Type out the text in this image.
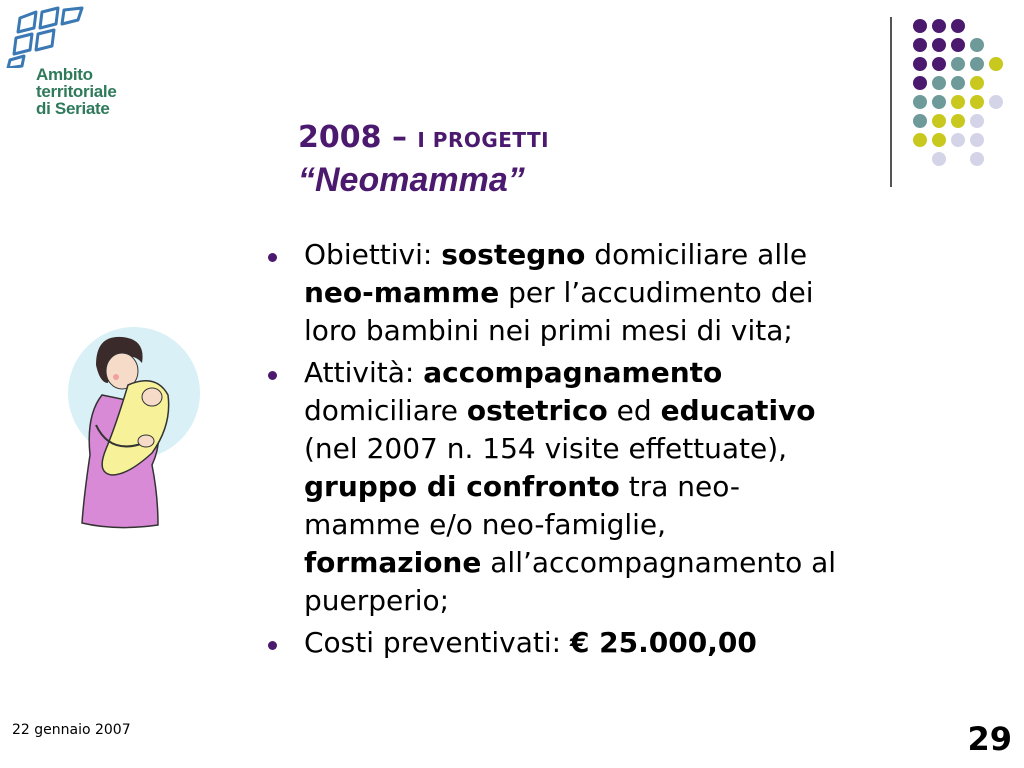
Ambito
territoriale
di Seriate
2008 – I PROGETTI
“Neomamma”
Obiettivi: sostegno domiciliare alle
neo-mamme per l’accudimento dei
loro bambini nei primi mesi di vita;
Attività: accompagnamento
domiciliare ostetrico ed educativo
(nel 2007 n. 154 visite effettuate),
gruppo di confronto tra neo-
mamme e/o neo-famiglie,
formazione all’accompagnamento al
puerperio;
Costi preventivati: € 25.000,00
22 gennaio 2007	29
